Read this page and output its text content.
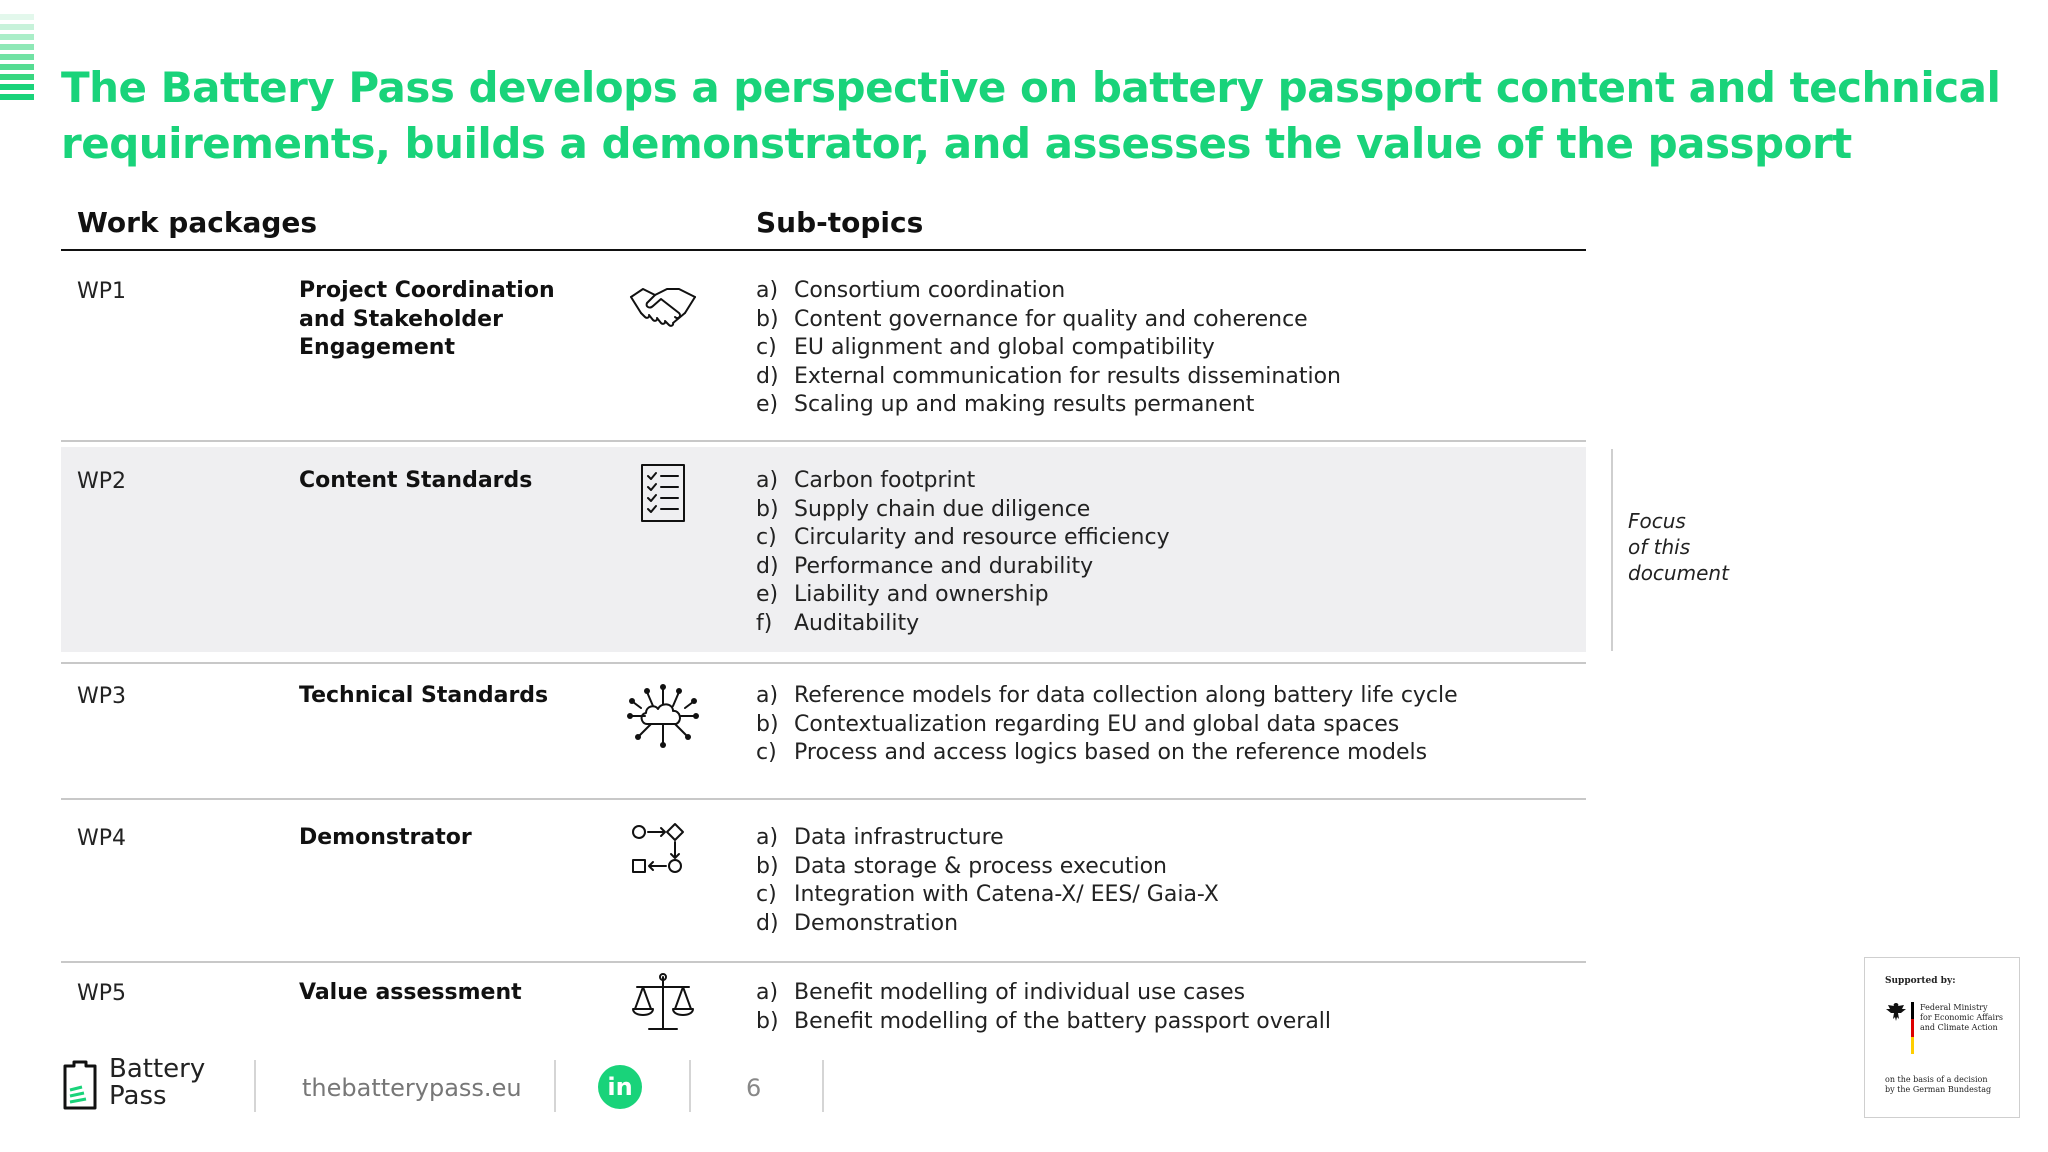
The Battery Pass develops a perspective on battery passport content and technical requirements, builds a demonstrator, and assesses the value of the passport
Work packages	Sub-topics
WP1	Project Coordination and Stakeholder Engagement
a) Consortium coordination
b) Content governance for quality and coherence
c) EU alignment and global compatibility
d) External communication for results dissemination
e) Scaling up and making results permanent
WP2	Content Standards	a) Carbon footprint
b) Supply chain due diligence
c) Circularity and resource efficiency
d) Performance and durability
e) Liability and ownership
f) Auditability
WP3	Technical Standards	a) Reference models for data collection along battery life cycle
b) Contextualization regarding EU and global data spaces
c) Process and access logics based on the reference models
WP4	Demonstrator	a) Data infrastructure
b) Data storage & process execution
c) Integration with Catena-X/ EES/ Gaia-X
d) Demonstration
WP5	Value assessment	a) Benefit modelling of individual use cases
b) Benefit modelling of the battery passport overall
Focus
of this
document
Battery
Pass	thebatterypass.eu	in	6
Supported by:
Federal Ministry
for Economic Affairs
and Climate Action
on the basis of a decision
by the German Bundestag
